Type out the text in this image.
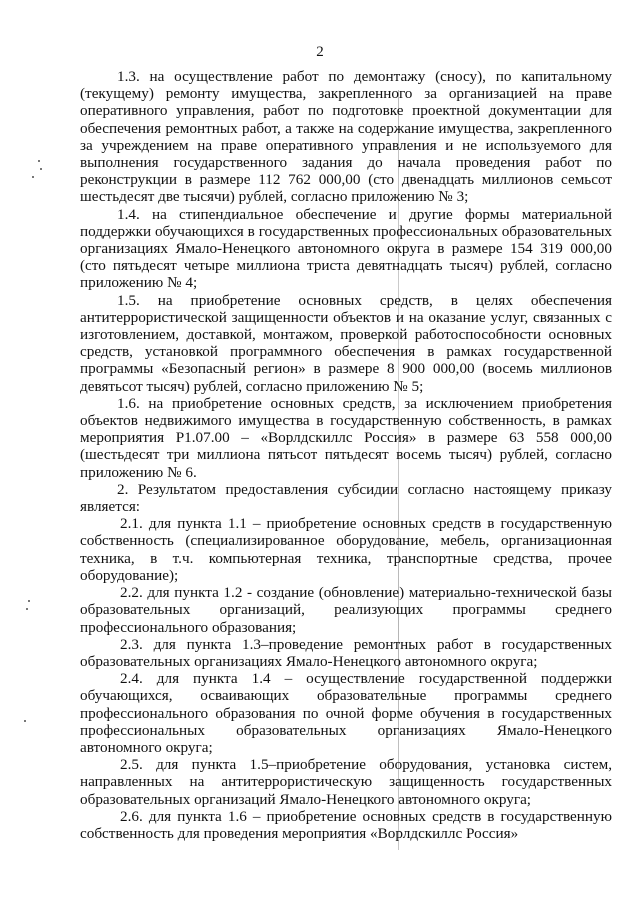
2

1.3. на осуществление работ по демонтажу (сносу), по капитальному (текущему) ремонту имущества, закрепленного за организацией на праве оперативного управления, работ по подготовке проектной документации для обеспечения ремонтных работ, а также на содержание имущества, закрепленного за учреждением на праве оперативного управления и не используемого для выполнения государственного задания до начала проведения работ по реконструкции в размере 112 762 000,00 (сто двенадцать миллионов семьсот шестьдесят две тысячи) рублей, согласно приложению № 3;

1.4. на стипендиальное обеспечение и другие формы материальной поддержки обучающихся в государственных профессиональных образовательных организациях Ямало-Ненецкого автономного округа в размере 154 319 000,00 (сто пятьдесят четыре миллиона триста девятнадцать тысяч) рублей, согласно приложению № 4;

1.5. на приобретение основных средств, в целях обеспечения антитеррористической защищенности объектов и на оказание услуг, связанных с изготовлением, доставкой, монтажом, проверкой работоспособности основных средств, установкой программного обеспечения в рамках государственной программы «Безопасный регион» в размере 8 900 000,00 (восемь миллионов девятьсот тысяч) рублей, согласно приложению № 5;

1.6. на приобретение основных средств, за исключением приобретения объектов недвижимого имущества в государственную собственность, в рамках мероприятия Р1.07.00 – «Ворлдскиллс Россия» в размере 63 558 000,00 (шестьдесят три миллиона пятьсот пятьдесят восемь тысяч) рублей, согласно приложению № 6.

2. Результатом предоставления субсидии согласно настоящему приказу является:

2.1. для пункта 1.1 – приобретение основных средств в государственную собственность (специализированное оборудование, мебель, организационная техника, в т.ч. компьютерная техника, транспортные средства, прочее оборудование);

2.2. для пункта 1.2 - создание (обновление) материально-технической базы образовательных организаций, реализующих программы среднего профессионального образования;

2.3. для пункта 1.3–проведение ремонтных работ в государственных образовательных организациях Ямало-Ненецкого автономного округа;

2.4. для пункта 1.4 – осуществление государственной поддержки обучающихся, осваивающих образовательные программы среднего профессионального образования по очной форме обучения в государственных профессиональных образовательных организациях Ямало-Ненецкого автономного округа;

2.5. для пункта 1.5–приобретение оборудования, установка систем, направленных на антитеррористическую защищенность государственных образовательных организаций Ямало-Ненецкого автономного округа;

2.6. для пункта 1.6 – приобретение основных средств в государственную собственность для проведения мероприятия «Ворлдскиллс Россия»
